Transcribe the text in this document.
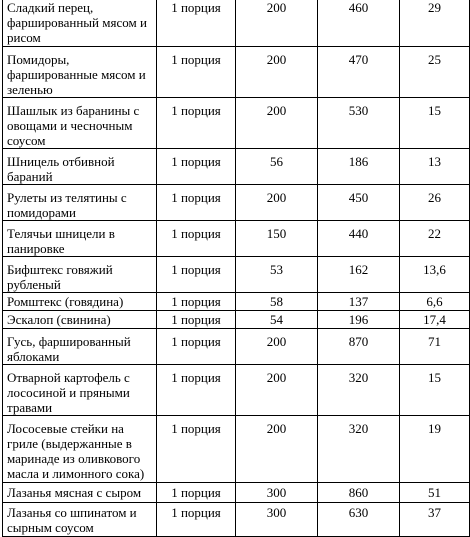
Сладкий перец, фаршированный мясом и рисом	1 порция	200	460	29
Помидоры, фаршированные мясом и зеленью	1 порция	200	470	25
Шашлык из баранины с овощами и чесночным соусом	1 порция	200	530	15
Шницель отбивной бараний	1 порция	56	186	13
Рулеты из телятины с помидорами	1 порция	200	450	26
Телячьи шницели в панировке	1 порция	150	440	22
Бифштекс говяжий рубленый	1 порция	53	162	13,6
Ромштекс (говядина)	1 порция	58	137	6,6
Эскалоп (свинина)	1 порция	54	196	17,4
Гусь, фаршированный яблоками	1 порция	200	870	71
Отварной картофель с лососиной и пряными травами	1 порция	200	320	15
Лососевые стейки на гриле (выдержанные в маринаде из оливкового масла и лимонного сока)	1 порция	200	320	19
Лазанья мясная с сыром	1 порция	300	860	51
Лазанья со шпинатом и сырным соусом	1 порция	300	630	37
